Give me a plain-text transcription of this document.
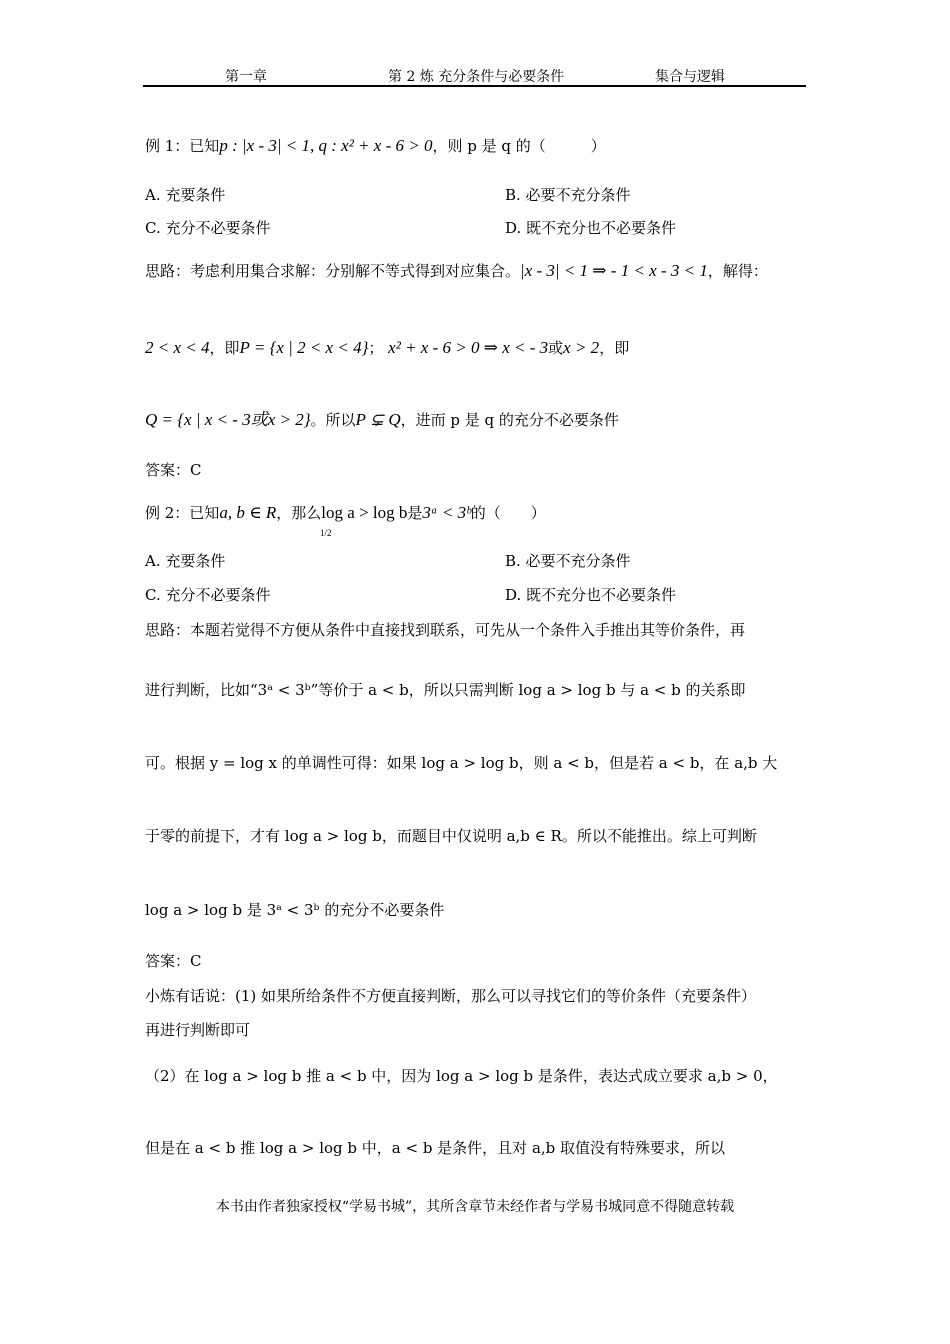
第一章	第 2 炼 充分条件与必要条件	集合与逻辑
例 1：已知p : |x - 3| < 1, q : x² + x - 6 > 0，则 p 是 q 的（　　　）
A. 充要条件	B. 必要不充分条件
C. 充分不必要条件	D. 既不充分也不必要条件
思路：考虑利用集合求解：分别解不等式得到对应集合。|x - 3| < 1 ⇒ - 1 < x - 3 < 1，解得：
2 < x < 4，即P = {x | 2 < x < 4}； x² + x - 6 > 0 ⇒ x < - 3或x > 2，即
Q = {x | x < - 3或x > 2}。所以P ⊊ Q，进而 p 是 q 的充分不必要条件
答案：C
例 2：已知a, b ∈ R，那么log a > log b是3ᵃ < 3ᵇ的（　　）
A. 充要条件	B. 必要不充分条件
C. 充分不必要条件	D. 既不充分也不必要条件
思路：本题若觉得不方便从条件中直接找到联系，可先从一个条件入手推出其等价条件，再
进行判断，比如“3ᵃ < 3ᵇ”等价于 a < b，所以只需判断 log a > log b 与 a < b 的关系即
可。根据 y = log x 的单调性可得：如果 log a > log b，则 a < b，但是若 a < b，在 a,b 大
于零的前提下，才有 log a > log b，而题目中仅说明 a,b ∈ R。所以不能推出。综上可判断
log a > log b 是 3ᵃ < 3ᵇ 的充分不必要条件
答案：C
小炼有话说：(1) 如果所给条件不方便直接判断，那么可以寻找它们的等价条件（充要条件）
再进行判断即可
（2）在 log a > log b 推 a < b 中，因为 log a > log b 是条件，表达式成立要求 a,b > 0，
但是在 a < b 推 log a > log b 中，a < b 是条件，且对 a,b 取值没有特殊要求，所以
本书由作者独家授权“学易书城”，其所含章节未经作者与学易书城同意不得随意转载
1/2
